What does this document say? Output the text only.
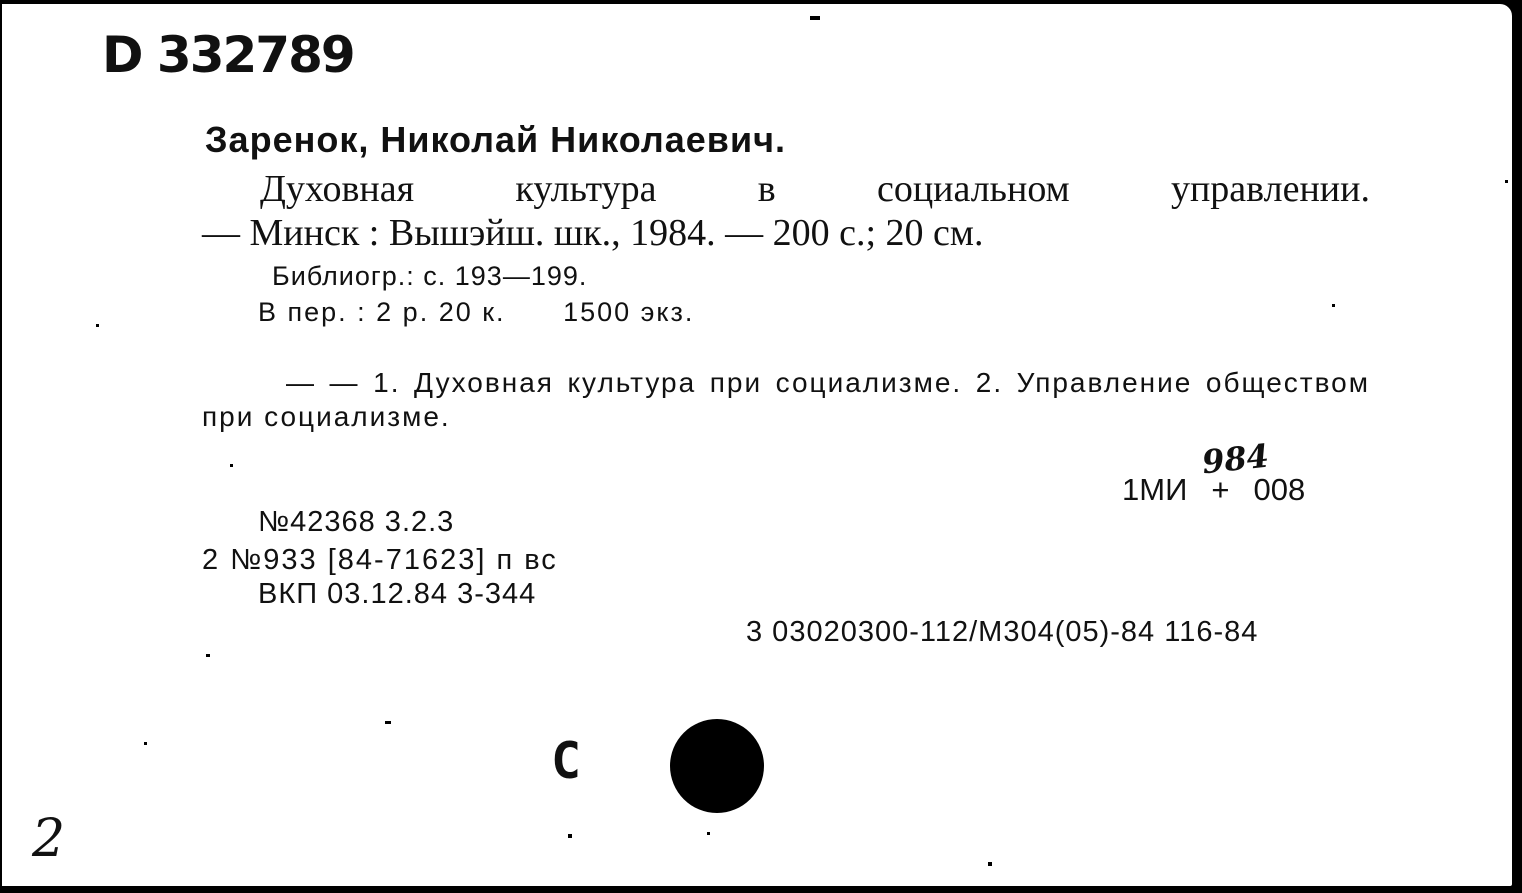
D 332789
Заренок, Николай Николаевич.
Духовная	культура	в	социальном	управлении.
— Минск : Вышэйш. шк., 1984. — 200 с.; 20 см.
Библиогр.: с. 193—199.
В пер. : 2 р. 20 к. 1500 экз.
— — 1. Духовная культура при социализме. 2. Управление обществом при социализме.
984
1МИ + 008
№42368 3.2.3
2 №933 [84-71623] п вс
ВКП 03.12.84 3-344
3 03020300-112/М304(05)-84 116-84
С
2
